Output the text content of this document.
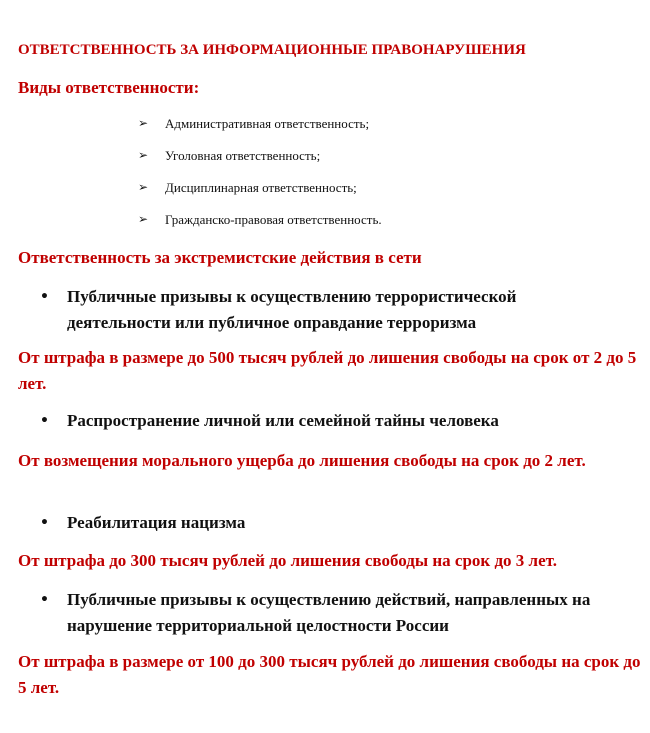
ОТВЕТСТВЕННОСТЬ ЗА ИНФОРМАЦИОННЫЕ ПРАВОНАРУШЕНИЯ
Виды ответственности:
➢	Административная ответственность;
➢	Уголовная ответственность;
➢	Дисциплинарная ответственность;
➢	Гражданско-правовая ответственность.
Ответственность за экстремистские действия в сети
•	Публичные призывы к осуществлению террористической деятельности или публичное оправдание терроризма
От штрафа в размере до 500 тысяч рублей до лишения свободы на срок от 2 до 5 лет.
•	Распространение личной или семейной тайны человека
От возмещения морального ущерба до лишения свободы на срок до 2 лет.
•	Реабилитация нацизма
От штрафа до 300 тысяч рублей до лишения свободы на срок до 3 лет.
•	Публичные призывы к осуществлению действий, направленных на нарушение территориальной целостности России
От штрафа в размере от 100 до 300 тысяч рублей до лишения свободы на срок до 5 лет.
